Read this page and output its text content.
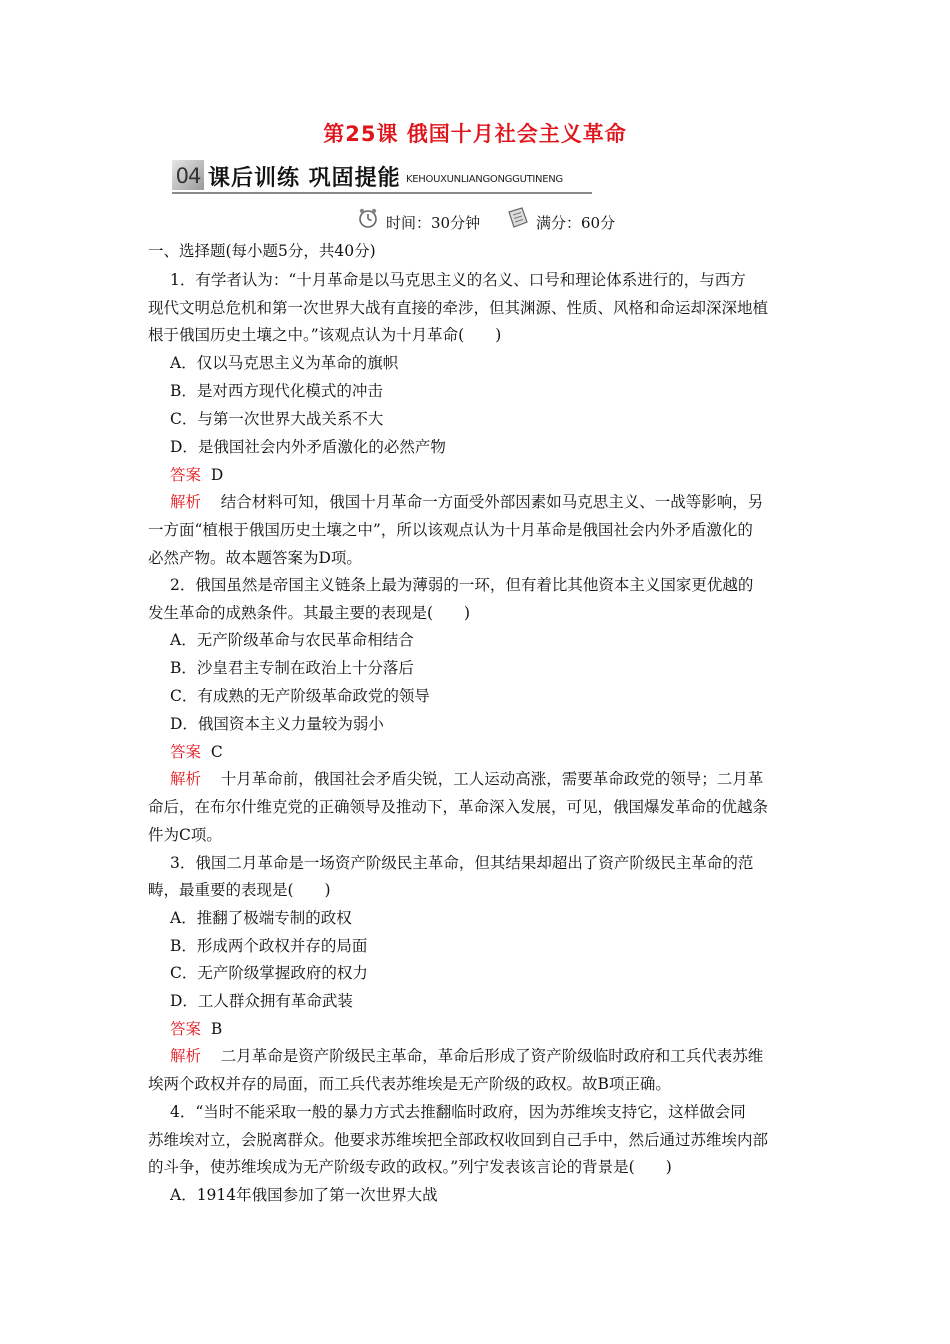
第25课 俄国十月社会主义革命
04 课后训练 巩固提能 KEHOUXUNLIANGONGGUTINENG
时间：30分钟	满分：60分
一、选择题(每小题5分，共40分)
1．有学者认为：“十月革命是以马克思主义的名义、口号和理论体系进行的，与西方
现代文明总危机和第一次世界大战有直接的牵涉，但其渊源、性质、风格和命运却深深地植
根于俄国历史土壤之中。”该观点认为十月革命(　　)
A．仅以马克思主义为革命的旗帜
B．是对西方现代化模式的冲击
C．与第一次世界大战关系不大
D．是俄国社会内外矛盾激化的必然产物
答案 D
解析 结合材料可知，俄国十月革命一方面受外部因素如马克思主义、一战等影响，另
一方面“植根于俄国历史土壤之中”，所以该观点认为十月革命是俄国社会内外矛盾激化的
必然产物。故本题答案为D项。
2．俄国虽然是帝国主义链条上最为薄弱的一环，但有着比其他资本主义国家更优越的
发生革命的成熟条件。其最主要的表现是(　　)
A．无产阶级革命与农民革命相结合
B．沙皇君主专制在政治上十分落后
C．有成熟的无产阶级革命政党的领导
D．俄国资本主义力量较为弱小
答案 C
解析 十月革命前，俄国社会矛盾尖锐，工人运动高涨，需要革命政党的领导；二月革
命后，在布尔什维克党的正确领导及推动下，革命深入发展，可见，俄国爆发革命的优越条
件为C项。
3．俄国二月革命是一场资产阶级民主革命，但其结果却超出了资产阶级民主革命的范
畴，最重要的表现是(　　)
A．推翻了极端专制的政权
B．形成两个政权并存的局面
C．无产阶级掌握政府的权力
D．工人群众拥有革命武装
答案 B
解析 二月革命是资产阶级民主革命，革命后形成了资产阶级临时政府和工兵代表苏维
埃两个政权并存的局面，而工兵代表苏维埃是无产阶级的政权。故B项正确。
4．“当时不能采取一般的暴力方式去推翻临时政府，因为苏维埃支持它，这样做会同
苏维埃对立，会脱离群众。他要求苏维埃把全部政权收回到自己手中，然后通过苏维埃内部
的斗争，使苏维埃成为无产阶级专政的政权。”列宁发表该言论的背景是(　　)
A．1914年俄国参加了第一次世界大战
